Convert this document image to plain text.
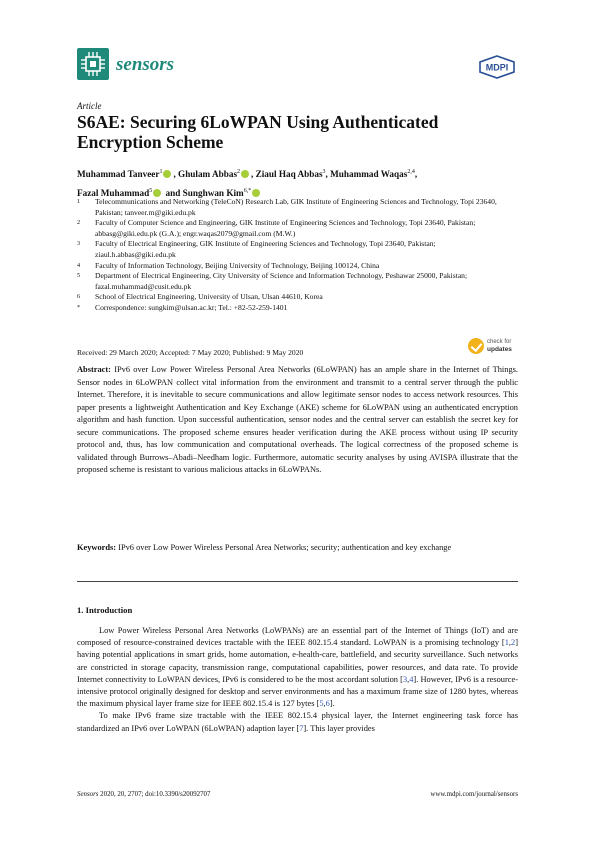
sensors	MDPI
Article
S6AE: Securing 6LoWPAN Using Authenticated Encryption Scheme
Muhammad Tanveer$^1$ , Ghulam Abbas$^2$ , Ziaul Haq Abbas$^3$, Muhammad Waqas$^{2,4}$,
Fazal Muhammad$^5$ and Sunghwan Kim$^{6,*}$
1	Telecommunications and Networking (TeleCoN) Research Lab, GIK Institute of Engineering Sciences and Technology, Topi 23640, Pakistan; tanveer.m@giki.edu.pk
2	Faculty of Computer Science and Engineering, GIK Institute of Engineering Sciences and Technology, Topi 23640, Pakistan; abbasg@giki.edu.pk (G.A.); engr.waqas2079@gmail.com (M.W.)
3	Faculty of Electrical Engineering, GIK Institute of Engineering Sciences and Technology, Topi 23640, Pakistan; ziaul.h.abbas@giki.edu.pk
4	Faculty of Information Technology, Beijing University of Technology, Beijing 100124, China
5	Department of Electrical Engineering, City University of Science and Information Technology, Peshawar 25000, Pakistan; fazal.muhammad@cusit.edu.pk
6	School of Electrical Engineering, University of Ulsan, Ulsan 44610, Korea
*	Correspondence: sungkim@ulsan.ac.kr; Tel.: +82-52-259-1401
Received: 29 March 2020; Accepted: 7 May 2020; Published: 9 May 2020
check for
updates
Abstract: IPv6 over Low Power Wireless Personal Area Networks (6LoWPAN) has an ample share in the Internet of Things. Sensor nodes in 6LoWPAN collect vital information from the environment and transmit to a central server through the public Internet. Therefore, it is inevitable to secure communications and allow legitimate sensor nodes to access network resources. This paper presents a lightweight Authentication and Key Exchange (AKE) scheme for 6LoWPAN using an authenticated encryption algorithm and hash function. Upon successful authentication, sensor nodes and the central server can establish the secret key for secure communications. The proposed scheme ensures header verification during the AKE process without using IP security protocol and, thus, has low communication and computational overheads. The logical correctness of the proposed scheme is validated through Burrows–Abadi–Needham logic. Furthermore, automatic security analyses by using AVISPA illustrate that the proposed scheme is resistant to various malicious attacks in 6LoWPANs.
Keywords: IPv6 over Low Power Wireless Personal Area Networks; security; authentication and key exchange
1. Introduction

Low Power Wireless Personal Area Networks (LoWPANs) are an essential part of the Internet of Things (IoT) and are composed of resource-constrained devices tractable with the IEEE 802.15.4 standard. LoWPAN is a promising technology [1,2] having potential applications in smart grids, home automation, e-health-care, battlefield, and security surveillance. Such networks are constricted in storage capacity, transmission range, computational capabilities, power resources, and data rate. To provide Internet connectivity to LoWPAN devices, IPv6 is considered to be the most accordant solution [3,4]. However, IPv6 is a resource-intensive protocol originally designed for desktop and server environments and has a maximum frame size of 1280 bytes, whereas the maximum physical layer frame size for IEEE 802.15.4 is 127 bytes [5,6].

To make IPv6 frame size tractable with the IEEE 802.15.4 physical layer, the Internet engineering task force has standardized an IPv6 over LoWPAN (6LoWPAN) adaption layer [7]. This layer provides

Sensors 2020, 20, 2707; doi:10.3390/s20092707	www.mdpi.com/journal/sensors
